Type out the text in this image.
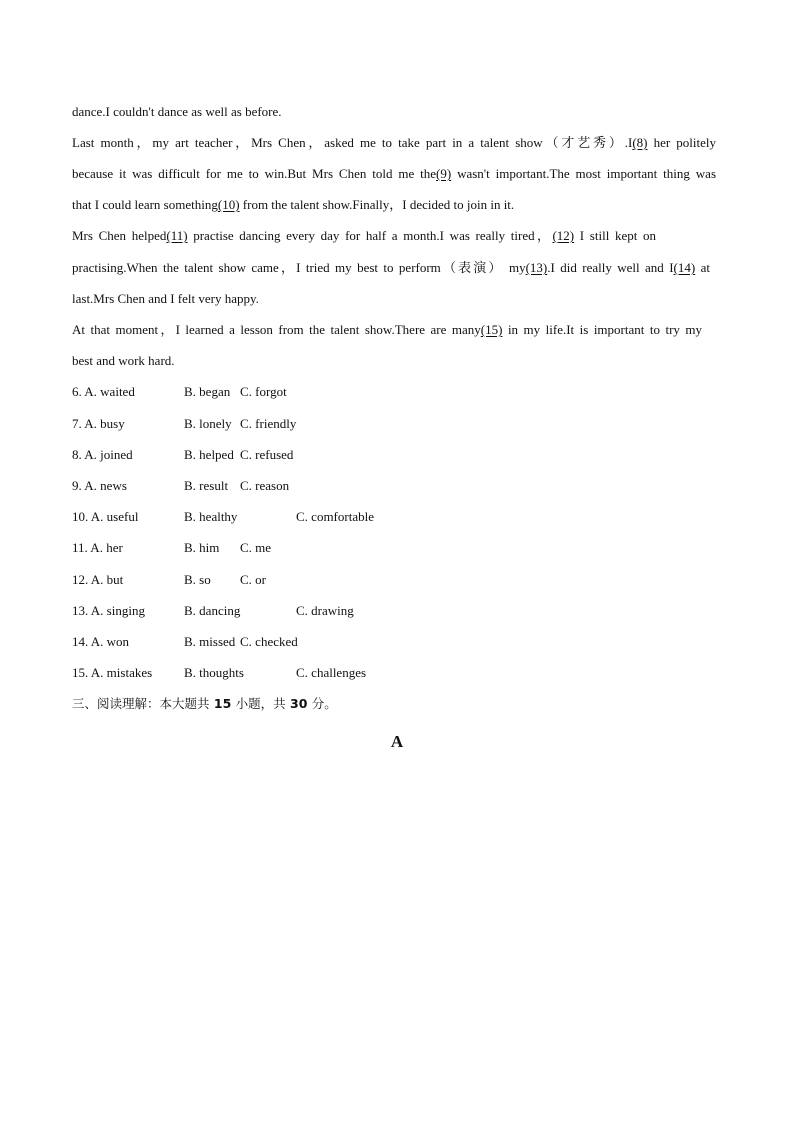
dance.I couldn't dance as well as before.
Last month，my art teacher，Mrs Chen，asked me to take part in a talent show（才艺秀）.I(8) her politely
because it was difficult for me to win.But Mrs Chen told me the(9) wasn't important.The most important thing was
that I could learn something(10) from the talent show.Finally，I decided to join in it.
Mrs Chen helped(11) practise dancing every day for half a month.I was really tired，(12) I still kept on
practising.When the talent show came，I tried my best to perform（表演） my(13).I did really well and I(14) at
last.Mrs Chen and I felt very happy.
At that moment，I learned a lesson from the talent show.There are many(15) in my life.It is important to try my
best and work hard.
6. A. waited	B. began C. forgot
7. A. busy	B. lonely C. friendly
8. A. joined	B. helped C. refused
9. A. news	B. result C. reason
10. A. useful	B. healthy	C. comfortable
11. A. her	B. him C. me
12. A. but	B. so C. or
13. A. singing	B. dancing	C. drawing
14. A. won	B. missed C. checked
15. A. mistakes B. thoughts	C. challenges
三、阅读理解：本大题共 15 小题，共 30 分。
A
